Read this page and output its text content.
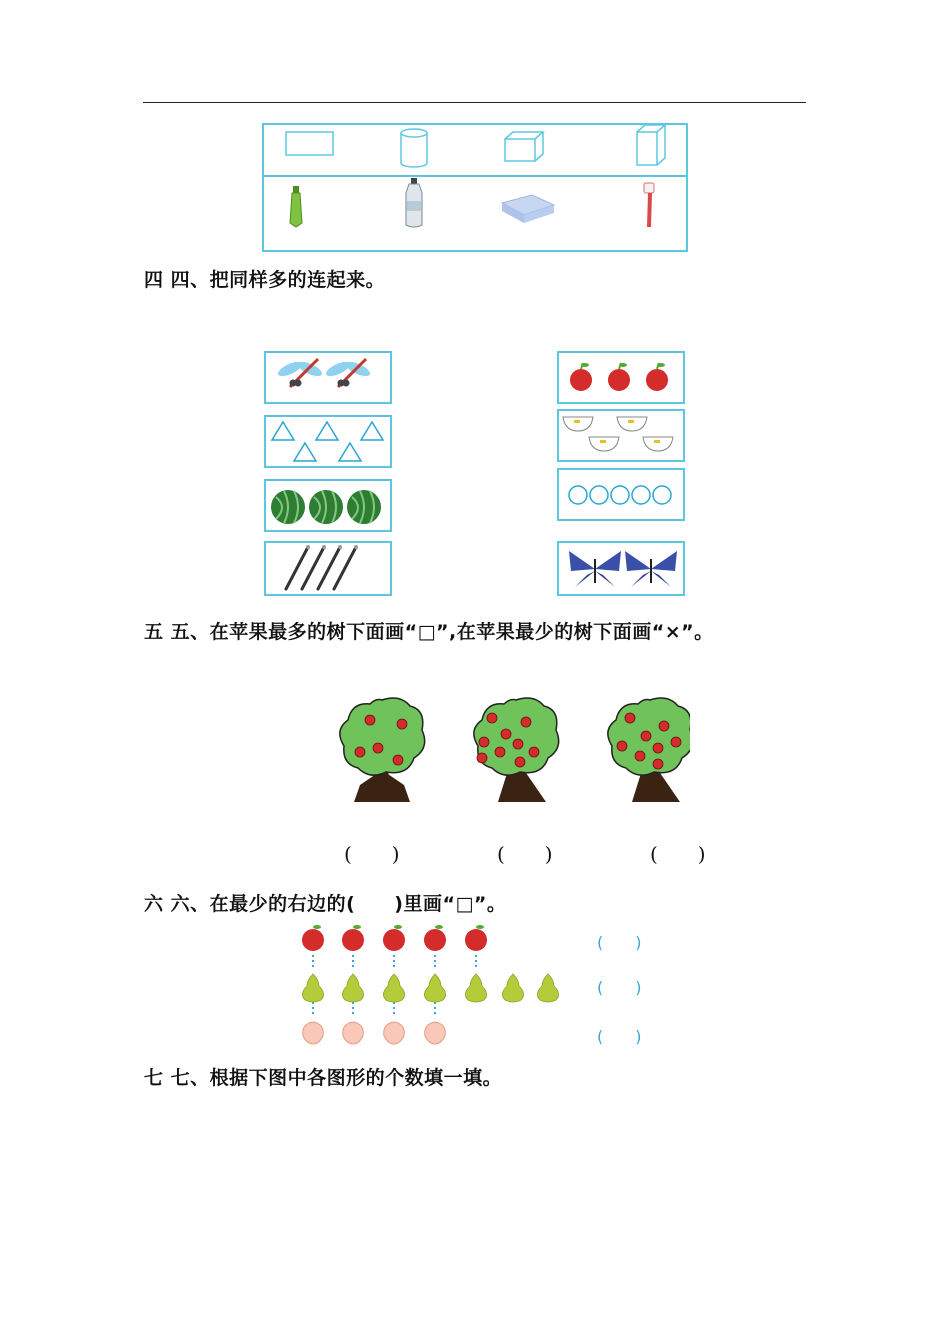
四 四、把同样多的连起来。
五 五、在苹果最多的树下面画“□”,在苹果最少的树下面画“×”。
(　　)	(　　)	(　　)
六 六、在最少的右边的(　　)里画“□”。
(　　)
(　　)
(　　)
七 七、根据下图中各图形的个数填一填。
